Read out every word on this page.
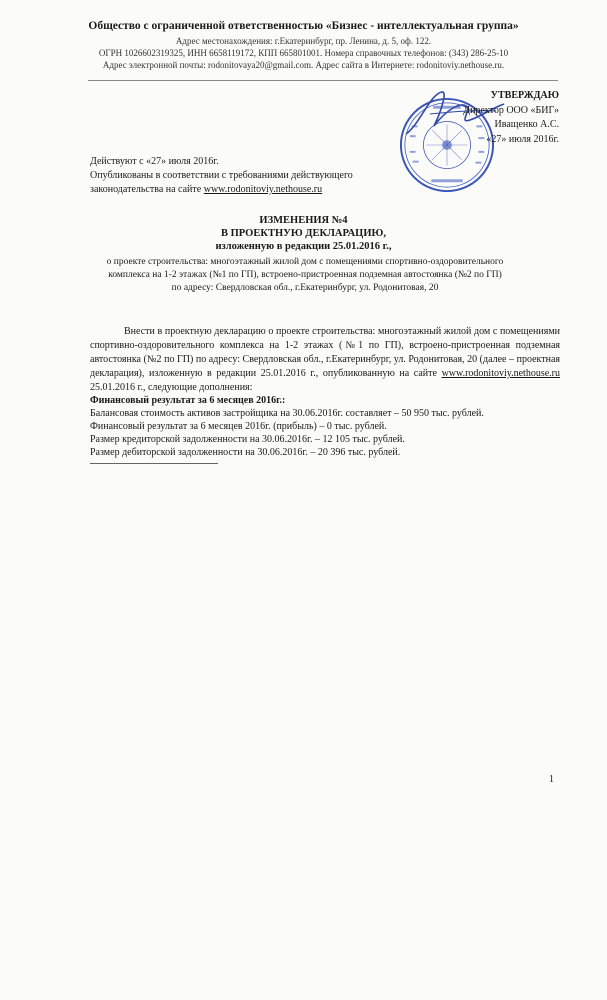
Общество с ограниченной ответственностью «Бизнес - интеллектуальная группа»
Адрес местонахождения: г.Екатеринбург, пр. Ленина, д. 5, оф. 122.
ОГРН 1026602319325, ИНН 6658119172, КПП 665801001. Номера справочных телефонов: (343) 286-25-10
Адрес электронной почты: rodonitovaya20@gmail.com. Адрес сайта в Интернете: rodonitoviy.nethouse.ru.
УТВЕРЖДАЮ
Директор ООО «БИГ»
Иващенко А.С.
«27» июля 2016г.
Действуют с «27» июля 2016г.
Опубликованы в соответствии с требованиями действующего
законодательства на сайте www.rodonitoviy.nethouse.ru
ИЗМЕНЕНИЯ №4
В ПРОЕКТНУЮ ДЕКЛАРАЦИЮ,
изложенную в редакции 25.01.2016 г.,
о проекте строительства: многоэтажный жилой дом с помещениями спортивно-оздоровительного
комплекса на 1-2 этажах (№1 по ГП), встроено-пристроенная подземная автостоянка (№2 по ГП)
по адресу: Свердловская обл., г.Екатеринбург, ул. Родонитовая, 20
Внести в проектную декларацию о проекте строительства: многоэтажный жилой дом с помещениями спортивно-оздоровительного комплекса на 1-2 этажах (№1 по ГП), встроено-пристроенная подземная автостоянка (№2 по ГП) по адресу: Свердловская обл., г.Екатеринбург, ул. Родонитовая, 20 (далее – проектная декларация), изложенную в редакции 25.01.2016 г., опубликованную на сайте www.rodonitoviy.nethouse.ru 25.01.2016 г., следующие дополнения:
Финансовый результат за 6 месяцев 2016г.:
Балансовая стоимость активов застройщика на 30.06.2016г. составляет – 50 950 тыс. рублей.
Финансовый результат за 6 месяцев 2016г. (прибыль) – 0 тыс. рублей.
Размер кредиторской задолженности на 30.06.2016г. – 12 105 тыс. рублей.
Размер дебиторской задолженности на 30.06.2016г. – 20 396 тыс. рублей.
1
